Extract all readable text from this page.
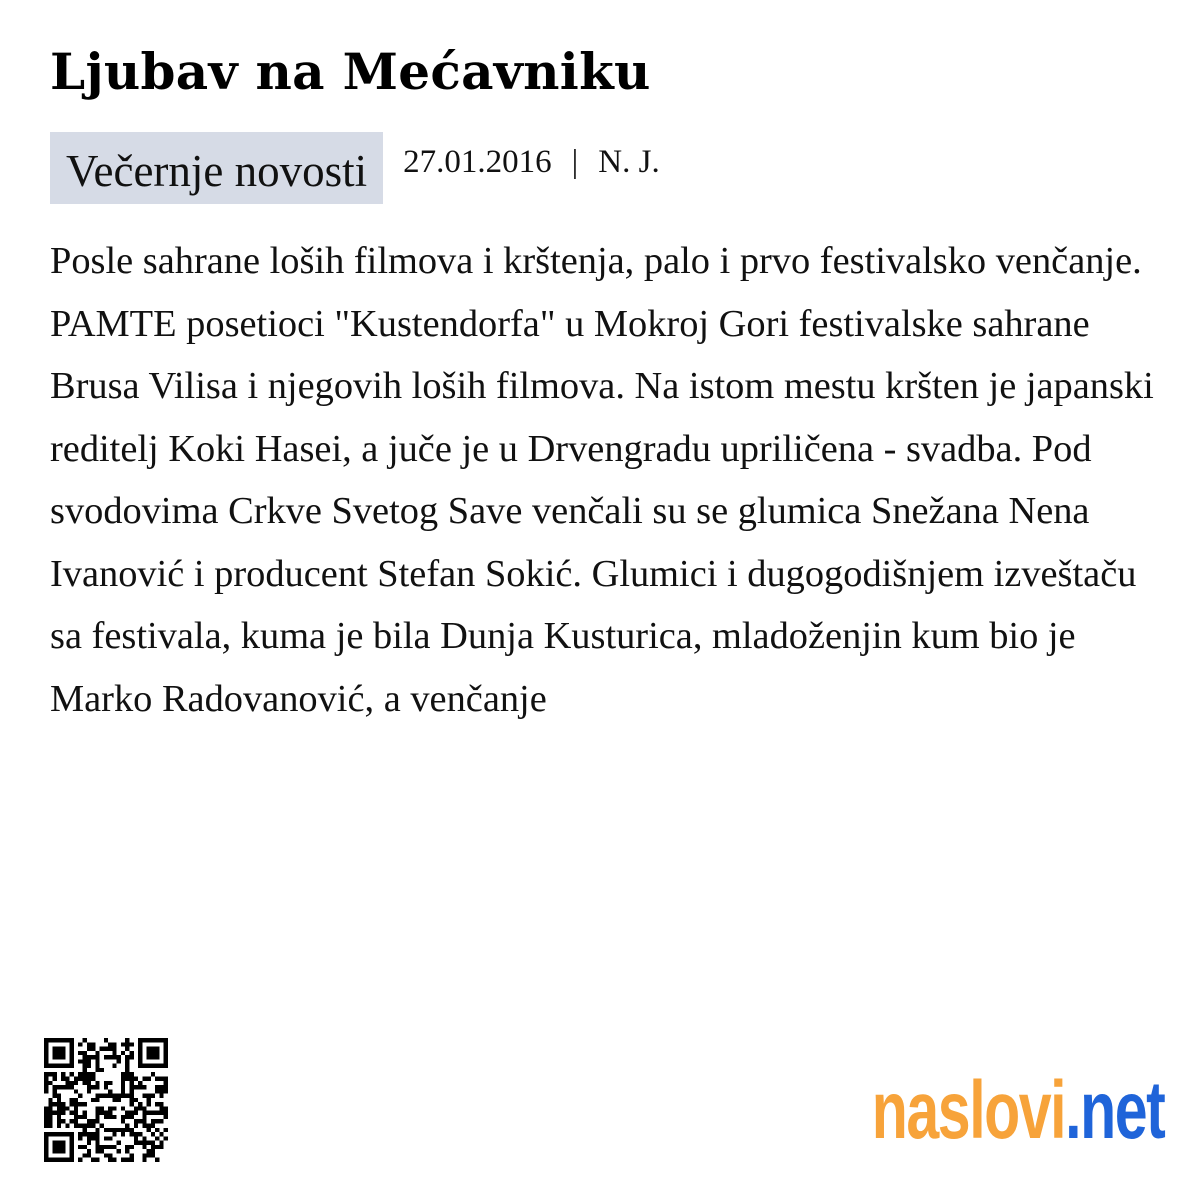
Ljubav na Mećavniku
Večernje novosti	27.01.2016 | N. J.

Posle sahrane loših filmova i krštenja, palo i prvo festivalsko venčanje. PAMTE posetioci "Kustendorfa" u Mokroj Gori festivalske sahrane Brusa Vilisa i njegovih loših filmova. Na istom mestu kršten je japanski reditelj Koki Hasei, a juče je u Drvengradu upriličena - svadba. Pod svodovima Crkve Svetog Save venčali su se glumica Snežana Nena Ivanović i producent Stefan Sokić. Glumici i dugogodišnjem izveštaču sa festivala, kuma je bila Dunja Kusturica, mladoženjin kum bio je Marko Radovanović, a venčanje

naslovi.net
